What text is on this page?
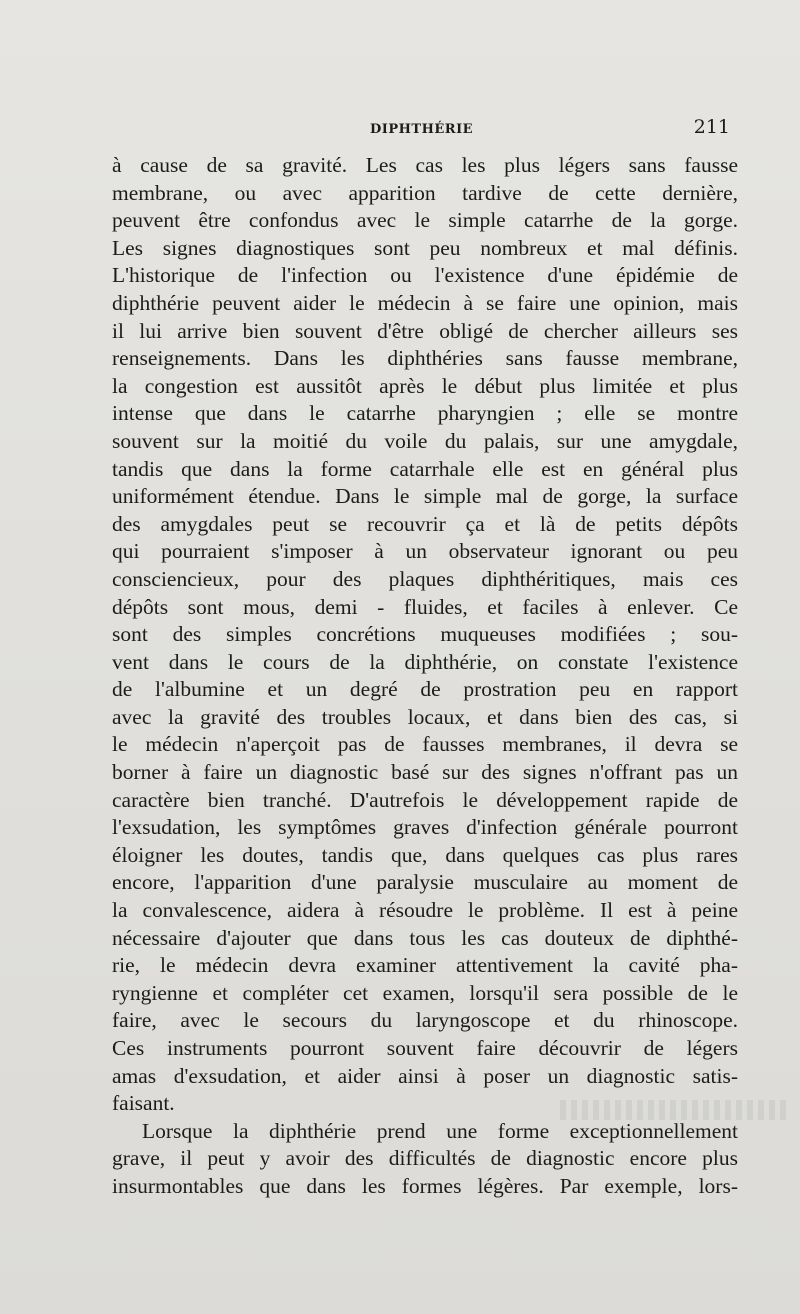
DIPHTHÉRIE	211
à cause de sa gravité. Les cas les plus légers sans fausse
membrane, ou avec apparition tardive de cette dernière,
peuvent être confondus avec le simple catarrhe de la gorge.
Les signes diagnostiques sont peu nombreux et mal définis.
L'historique de l'infection ou l'existence d'une épidémie de
diphthérie peuvent aider le médecin à se faire une opinion, mais
il lui arrive bien souvent d'être obligé de chercher ailleurs ses
renseignements. Dans les diphthéries sans fausse membrane,
la congestion est aussitôt après le début plus limitée et plus
intense que dans le catarrhe pharyngien ; elle se montre
souvent sur la moitié du voile du palais, sur une amygdale,
tandis que dans la forme catarrhale elle est en général plus
uniformément étendue. Dans le simple mal de gorge, la surface
des amygdales peut se recouvrir ça et là de petits dépôts
qui pourraient s'imposer à un observateur ignorant ou peu
consciencieux, pour des plaques diphthéritiques, mais ces
dépôts sont mous, demi - fluides, et faciles à enlever. Ce
sont des simples concrétions muqueuses modifiées ; sou-
vent dans le cours de la diphthérie, on constate l'existence
de l'albumine et un degré de prostration peu en rapport
avec la gravité des troubles locaux, et dans bien des cas, si
le médecin n'aperçoit pas de fausses membranes, il devra se
borner à faire un diagnostic basé sur des signes n'offrant pas un
caractère bien tranché. D'autrefois le développement rapide de
l'exsudation, les symptômes graves d'infection générale pourront
éloigner les doutes, tandis que, dans quelques cas plus rares
encore, l'apparition d'une paralysie musculaire au moment de
la convalescence, aidera à résoudre le problème. Il est à peine
nécessaire d'ajouter que dans tous les cas douteux de diphthé-
rie, le médecin devra examiner attentivement la cavité pha-
ryngienne et compléter cet examen, lorsqu'il sera possible de le
faire, avec le secours du laryngoscope et du rhinoscope.
Ces instruments pourront souvent faire découvrir de légers
amas d'exsudation, et aider ainsi à poser un diagnostic satis-
faisant.
Lorsque la diphthérie prend une forme exceptionnellement
grave, il peut y avoir des difficultés de diagnostic encore plus
insurmontables que dans les formes légères. Par exemple, lors-
